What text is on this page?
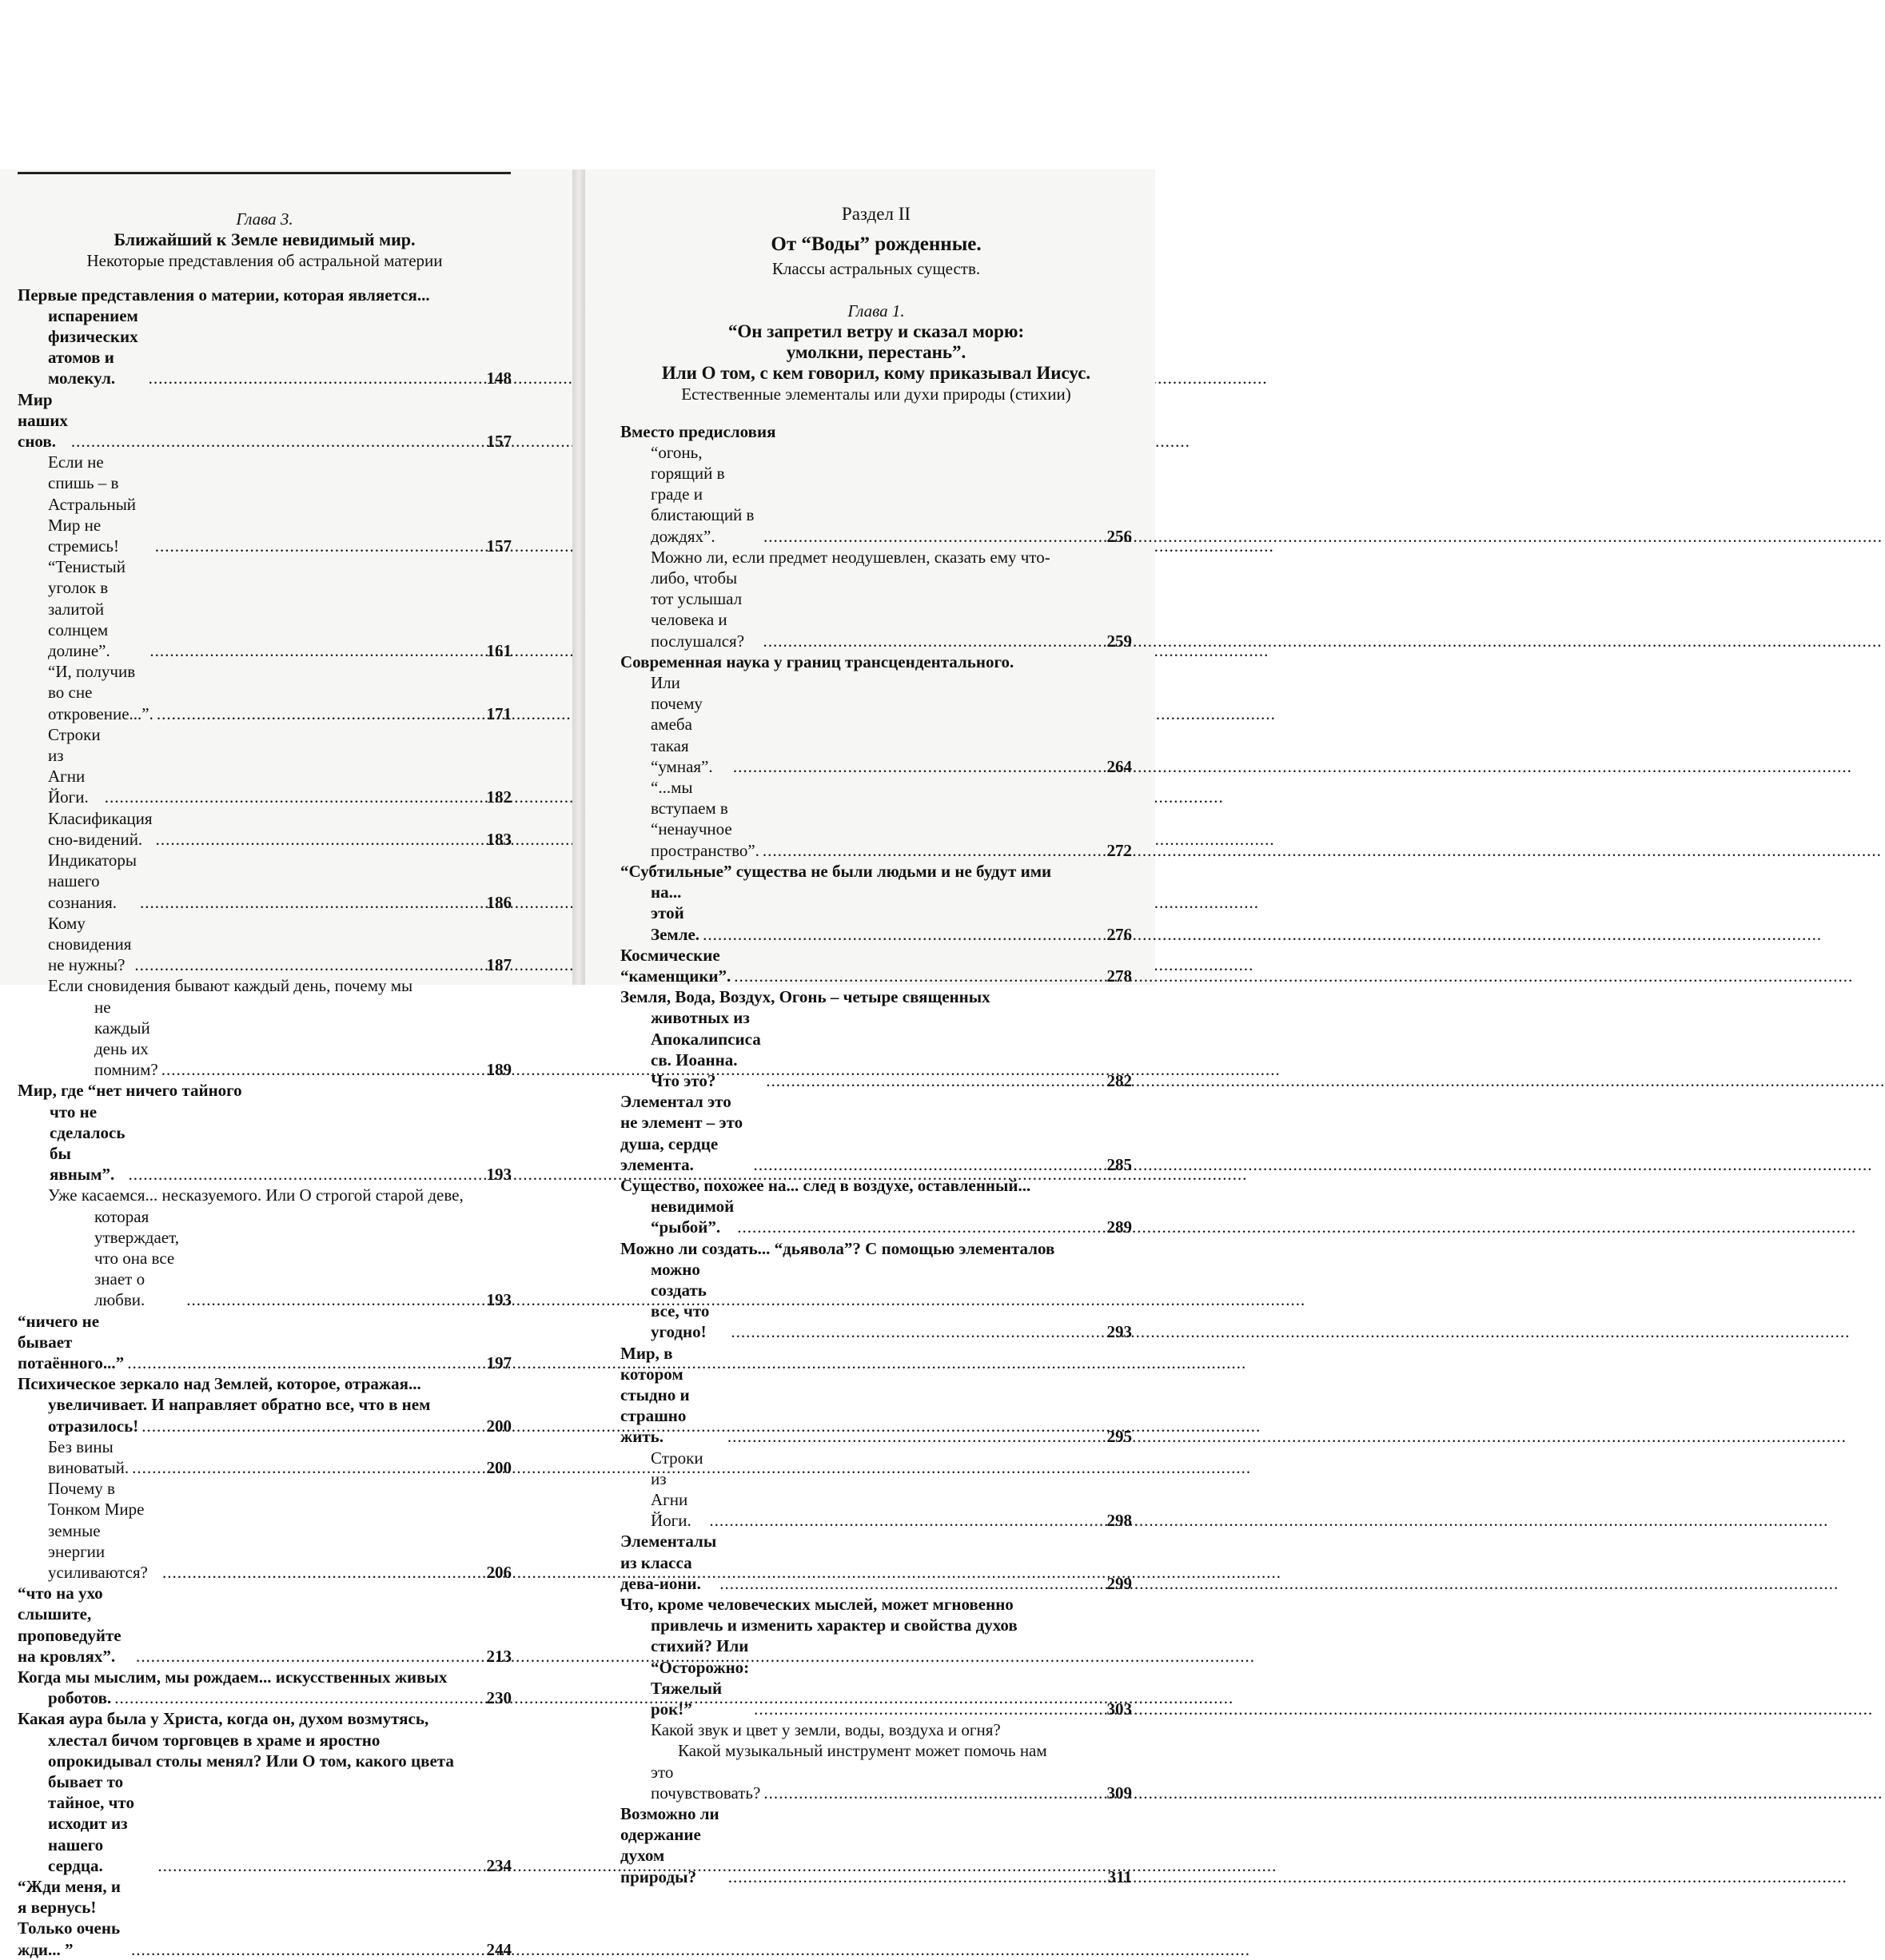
Глава 3.
Ближайший к Земле невидимый мир.
Некоторые представления об астральной материи
Первые представления о материи, которая является...
испарением физических атомов и молекул. .....	148
Мир наших снов. .....	157
Если не спишь – в Астральный Мир не стремись! .....	157
“Тенистый уголок в залитой солнцем долине”. .....	161
“И, получив во сне откровение...”. .....	171
Строки из Агни Йоги. .....	182
Класификация сно-видений. .....	183
Индикаторы нашего сознания. .....	186
Кому сновидения не нужны? .....	187
Если сновидения бывают каждый день, почему мы
не каждый день их помним? .....	189
Мир, где “нет ничего тайного
что не сделалось бы явным”. .....	193
Уже касаемся... несказуемого. Или О строгой старой деве,
которая утверждает, что она все знает о любви. .....	193
“ничего не бывает потаённого...” .....	197
Психическое зеркало над Землей, которое, отражая...
увеличивает. И направляет обратно все, что в нем
отразилось! .....	200
Без вины виноватый. .....	200
Почему в Тонком Мире земные энергии усиливаются? .....	206
“что на ухо слышите, проповедуйте на кровлях”. .....	213
Когда мы мыслим, мы рождаем... искусственных живых
роботов. .....	230
Какая аура была у Христа, когда он, духом возмутясь,
хлестал бичом торговцев в храме и яростно
опрокидывал столы менял? Или О том, какого цвета
бывает то тайное, что исходит из нашего сердца. .....	234
“Жди меня, и я вернусь! Только очень жди... ” .....	244
Раздел II
От “Воды” рожденные.
Классы астральных существ.
Глава 1.
“Он запретил ветру и сказал морю:
умолкни, перестань”.
Или О том, с кем говорил, кому приказывал Иисус.
Естественные элементалы или духи природы (стихии)
Вместо предисловия
“огонь, горящий в граде и блистающий в дождях”. .....	256
Можно ли, если предмет неодушевлен, сказать ему что-
либо, чтобы тот услышал человека и послушался? .....	259
Современная наука у границ трансцендентального.
Или почему амеба такая “умная”. .....	264
“...мы вступаем в “ненаучное пространство”. .....	272
“Субтильные” существа не были людьми и не будут ими
на... этой Земле. .....	276
Космические “каменщики”. .....	278
Земля, Вода, Воздух, Огонь – четыре священных
животных из Апокалипсиса св. Иоанна. Что это? .....	282
Элементал это не элемент – это душа, сердце элемента. .....	285
Существо, похожее на... след в воздухе, оставленный...
невидимой “рыбой”. .....	289
Можно ли создать... “дьявола”? С помощью элементалов
можно создать все, что угодно! .....	293
Мир, в котором стыдно и страшно жить. .....	295
Строки из Агни Йоги. .....	298
Элементалы из класса дева-иони. .....	299
Что, кроме человеческих мыслей, может мгновенно
привлечь и изменить характер и свойства духов
стихий? Или “Осторожно: Тяжелый рок!” .....	303
Какой звук и цвет у земли, воды, воздуха и огня?
Какой музыкальный инструмент может помочь нам
это почувствовать? .....	309
Возможно ли одержание духом природы? .....	311
